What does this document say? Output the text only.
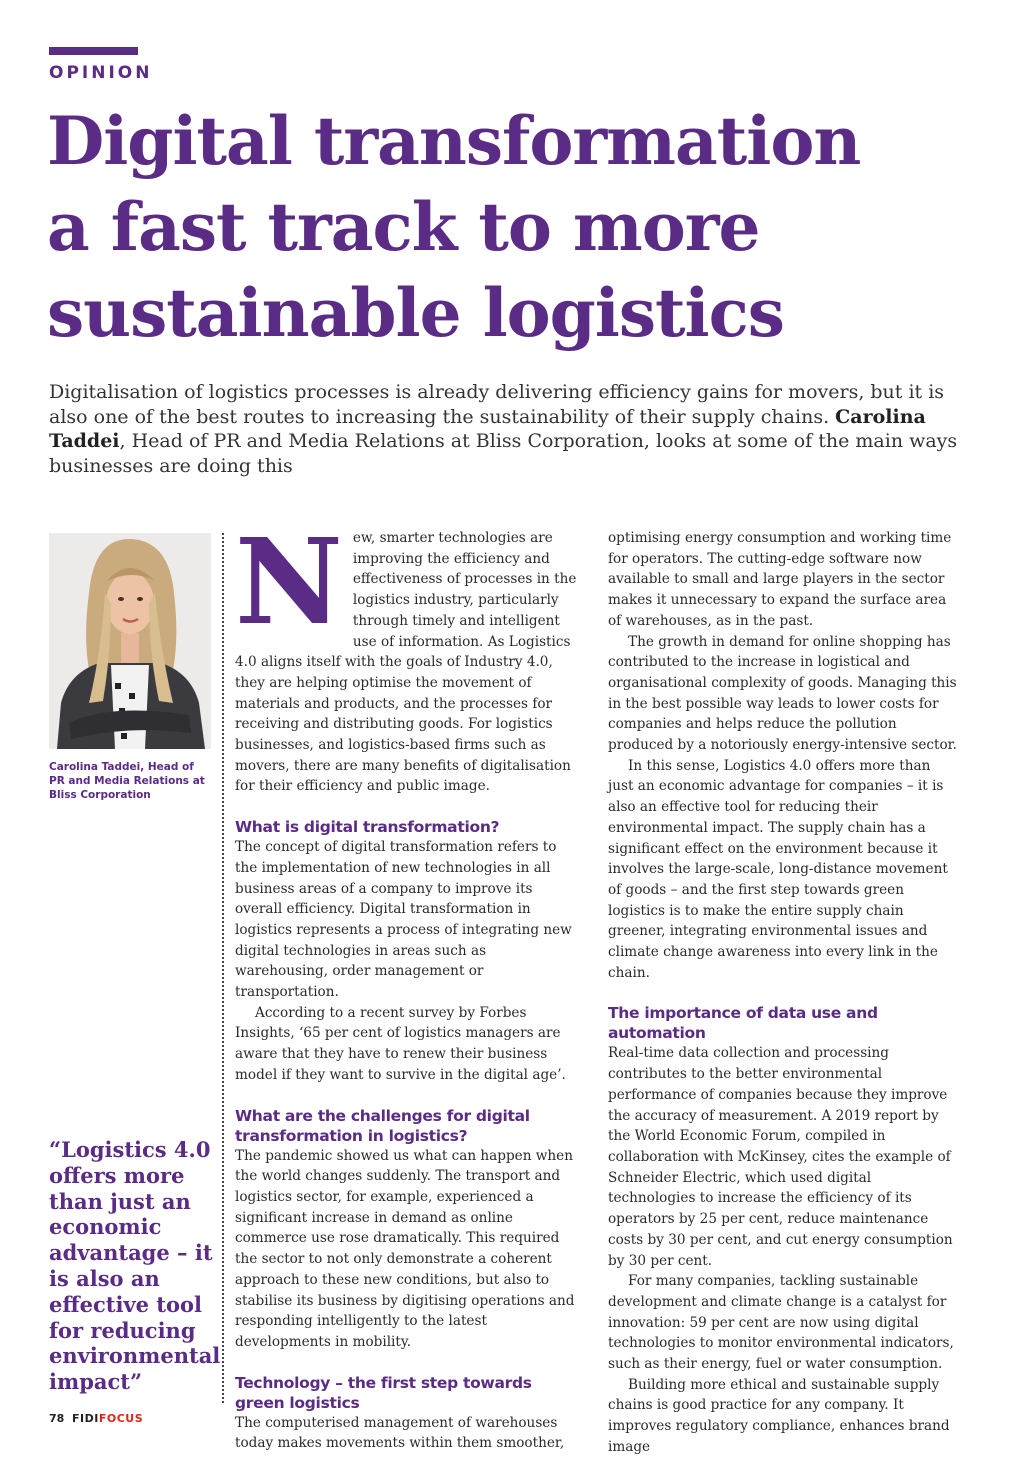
OPINION
Digital transformation
a fast track to more
sustainable logistics
Digitalisation of logistics processes is already delivering efficiency gains for movers, but it is also one of the best routes to increasing the sustainability of their supply chains. Carolina Taddei, Head of PR and Media Relations at Bliss Corporation, looks at some of the main ways businesses are doing this
Carolina Taddei, Head of PR and Media Relations at Bliss Corporation
“Logistics 4.0 offers more than just an economic advantage – it is also an effective tool for reducing environmental impact”
N ew, smarter technologies are improving the efficiency and effectiveness of processes in the logistics industry, particularly through timely and intelligent use of information. As Logistics 4.0 aligns itself with the goals of Industry 4.0, they are helping optimise the movement of materials and products, and the processes for receiving and distributing goods. For logistics businesses, and logistics-based firms such as movers, there are many benefits of digitalisation for their efficiency and public image.

What is digital transformation?

The concept of digital transformation refers to the implementation of new technologies in all business areas of a company to improve its overall efficiency. Digital transformation in logistics represents a process of integrating new digital technologies in areas such as warehousing, order management or transportation.

According to a recent survey by Forbes Insights, ‘65 per cent of logistics managers are aware that they have to renew their business model if they want to survive in the digital age’.

What are the challenges for digital transformation in logistics?

The pandemic showed us what can happen when the world changes suddenly. The transport and logistics sector, for example, experienced a significant increase in demand as online commerce use rose dramatically. This required the sector to not only demonstrate a coherent approach to these new conditions, but also to stabilise its business by digitising operations and responding intelligently to the latest developments in mobility.

Technology – the first step towards green logistics

The computerised management of warehouses today makes movements within them smoother,

optimising energy consumption and working time for operators. The cutting-edge software now available to small and large players in the sector makes it unnecessary to expand the surface area of warehouses, as in the past.

The growth in demand for online shopping has contributed to the increase in logistical and organisational complexity of goods. Managing this in the best possible way leads to lower costs for companies and helps reduce the pollution produced by a notoriously energy-intensive sector.

In this sense, Logistics 4.0 offers more than just an economic advantage for companies – it is also an effective tool for reducing their environmental impact. The supply chain has a significant effect on the environment because it involves the large-scale, long-distance movement of goods – and the first step towards green logistics is to make the entire supply chain greener, integrating environmental issues and climate change awareness into every link in the chain.

The importance of data use and automation

Real-time data collection and processing contributes to the better environmental performance of companies because they improve the accuracy of measurement. A 2019 report by the World Economic Forum, compiled in collaboration with McKinsey, cites the example of Schneider Electric, which used digital technologies to increase the efficiency of its operators by 25 per cent, reduce maintenance costs by 30 per cent, and cut energy consumption by 30 per cent.

For many companies, tackling sustainable development and climate change is a catalyst for innovation: 59 per cent are now using digital technologies to monitor environmental indicators, such as their energy, fuel or water consumption.

Building more ethical and sustainable supply chains is good practice for any company. It improves regulatory compliance, enhances brand image

78 FIDIFOCUS
